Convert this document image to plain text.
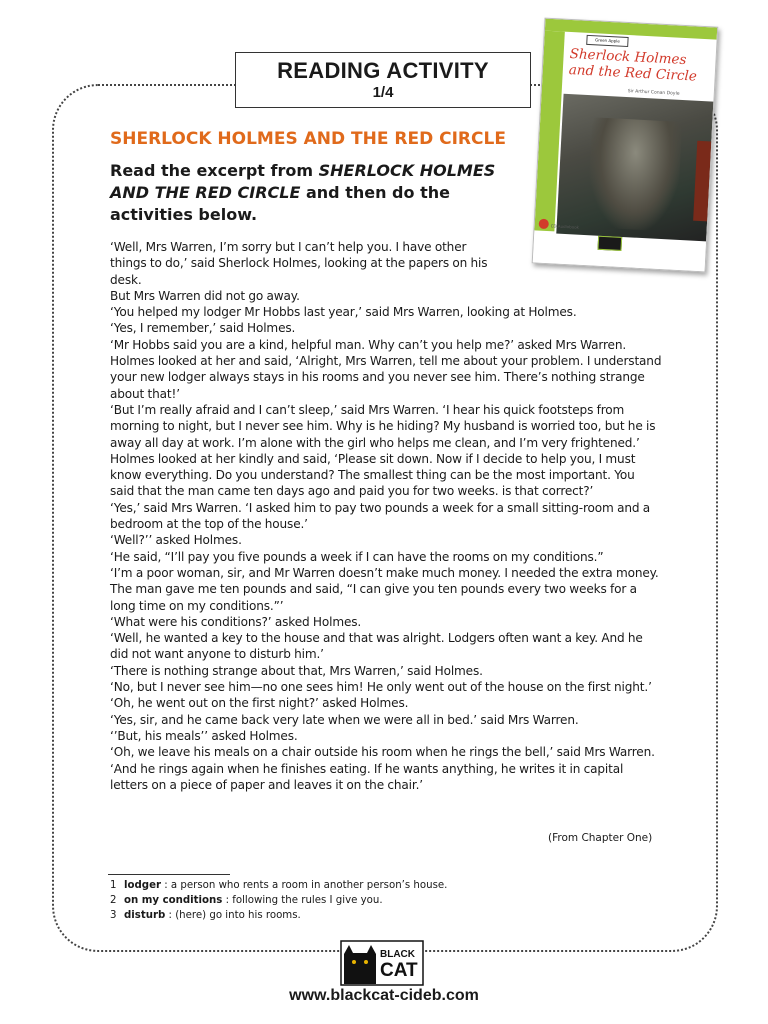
READING ACTIVITY
1/4
Green Apple
Sherlock Holmes and the Red Circle
Sir Arthur Conan Doyle
CD Audiobook
SHERLOCK HOLMES AND THE RED CIRCLE
Read the excerpt from SHERLOCK HOLMES
AND THE RED CIRCLE and then do the activities below.

‘Well, Mrs Warren, I’m sorry but I can’t help you. I have other things to do,’ said Sherlock Holmes, looking at the papers on his desk.

But Mrs Warren did not go away.

‘You helped my lodger Mr Hobbs last year,’ said Mrs Warren, looking at Holmes.

‘Yes, I remember,’ said Holmes.

‘Mr Hobbs said you are a kind, helpful man. Why can’t you help me?’ asked Mrs Warren.

Holmes looked at her and said, ‘Alright, Mrs Warren, tell me about your problem. I understand your new lodger always stays in his rooms and you never see him. There’s nothing strange about that!’

‘But I’m really afraid and I can’t sleep,’ said Mrs Warren. ‘I hear his quick footsteps from morning to night, but I never see him. Why is he hiding? My husband is worried too, but he is away all day at work. I’m alone with the girl who helps me clean, and I’m very frightened.’

Holmes looked at her kindly and said, ‘Please sit down. Now if I decide to help you, I must know everything. Do you understand? The smallest thing can be the most important. You said that the man came ten days ago and paid you for two weeks. is that correct?’

‘Yes,’ said Mrs Warren. ‘I asked him to pay two pounds a week for a small sitting-room and a bedroom at the top of the house.’

‘Well?’’ asked Holmes.

‘He said, “I’ll pay you five pounds a week if I can have the rooms on my conditions.”

‘I’m a poor woman, sir, and Mr Warren doesn’t make much money. I needed the extra money. The man gave me ten pounds and said, “I can give you ten pounds every two weeks for a long time on my conditions.”’

‘What were his conditions?’ asked Holmes.

‘Well, he wanted a key to the house and that was alright. Lodgers often want a key. And he did not want anyone to disturb him.’

‘There is nothing strange about that, Mrs Warren,’ said Holmes.

‘No, but I never see him—no one sees him! He only went out of the house on the first night.’

‘Oh, he went out on the first night?’ asked Holmes.

‘Yes, sir, and he came back very late when we were all in bed.’ said Mrs Warren.

‘’But, his meals’’ asked Holmes.

‘Oh, we leave his meals on a chair outside his room when he rings the bell,’ said Mrs Warren. ‘And he rings again when he finishes eating. If he wants anything, he writes it in capital letters on a piece of paper and leaves it on the chair.’

(From Chapter One)
1 lodger : a person who rents a room in another person’s house.
2 on my conditions : following the rules I give you.
3 disturb : (here) go into his rooms.
BLACK
CAT
www.blackcat-cideb.com
